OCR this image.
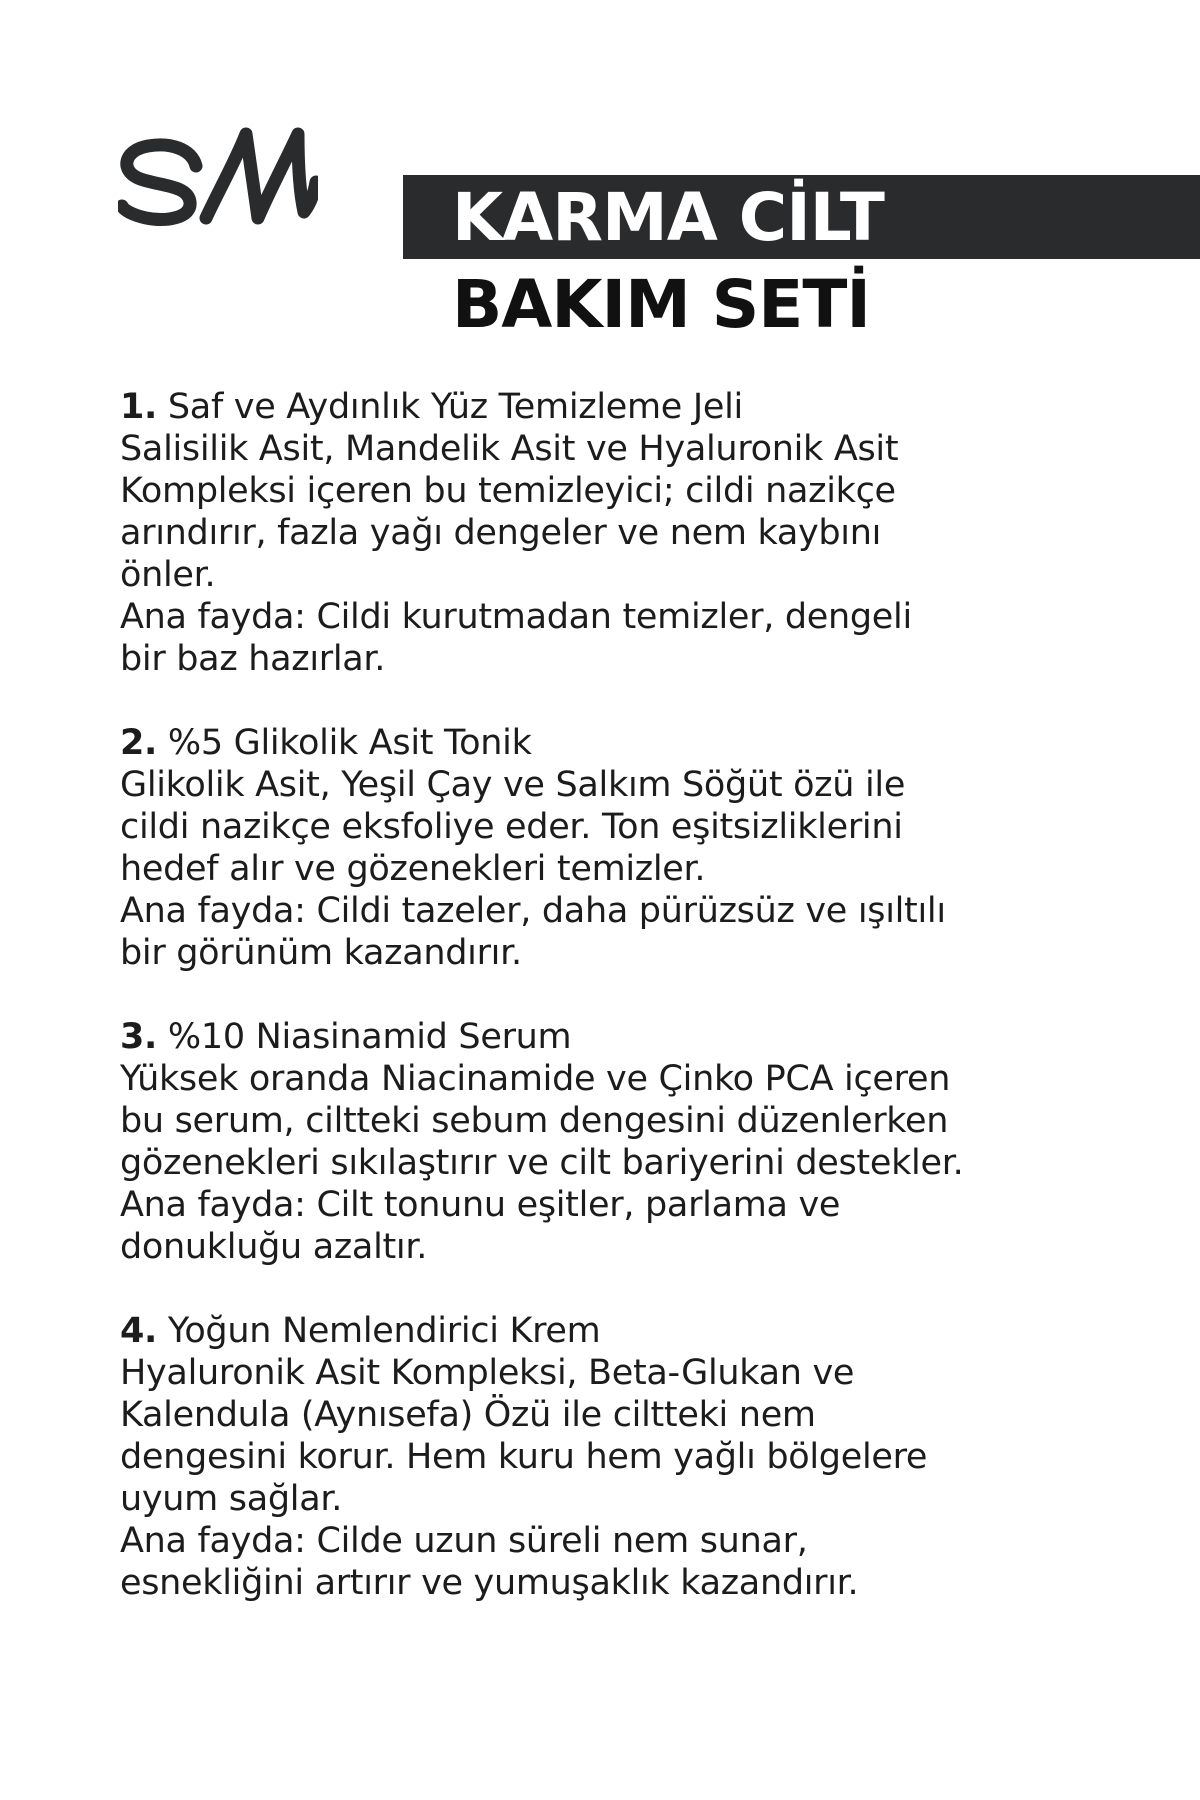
KARMA CİLT
BAKIM SETİ
1. Saf ve Aydınlık Yüz Temizleme Jeli
Salisilik Asit, Mandelik Asit ve Hyaluronik Asit
Kompleksi içeren bu temizleyici; cildi nazikçe
arındırır, fazla yağı dengeler ve nem kaybını
önler.
Ana fayda: Cildi kurutmadan temizler, dengeli
bir baz hazırlar.
2. %5 Glikolik Asit Tonik
Glikolik Asit, Yeşil Çay ve Salkım Söğüt özü ile
cildi nazikçe eksfoliye eder. Ton eşitsizliklerini
hedef alır ve gözenekleri temizler.
Ana fayda: Cildi tazeler, daha pürüzsüz ve ışıltılı
bir görünüm kazandırır.
3. %10 Niasinamid Serum
Yüksek oranda Niacinamide ve Çinko PCA içeren
bu serum, ciltteki sebum dengesini düzenlerken
gözenekleri sıkılaştırır ve cilt bariyerini destekler.
Ana fayda: Cilt tonunu eşitler, parlama ve
donukluğu azaltır.
4. Yoğun Nemlendirici Krem
Hyaluronik Asit Kompleksi, Beta-Glukan ve
Kalendula (Aynısefa) Özü ile ciltteki nem
dengesini korur. Hem kuru hem yağlı bölgelere
uyum sağlar.
Ana fayda: Cilde uzun süreli nem sunar,
esnekliğini artırır ve yumuşaklık kazandırır.
